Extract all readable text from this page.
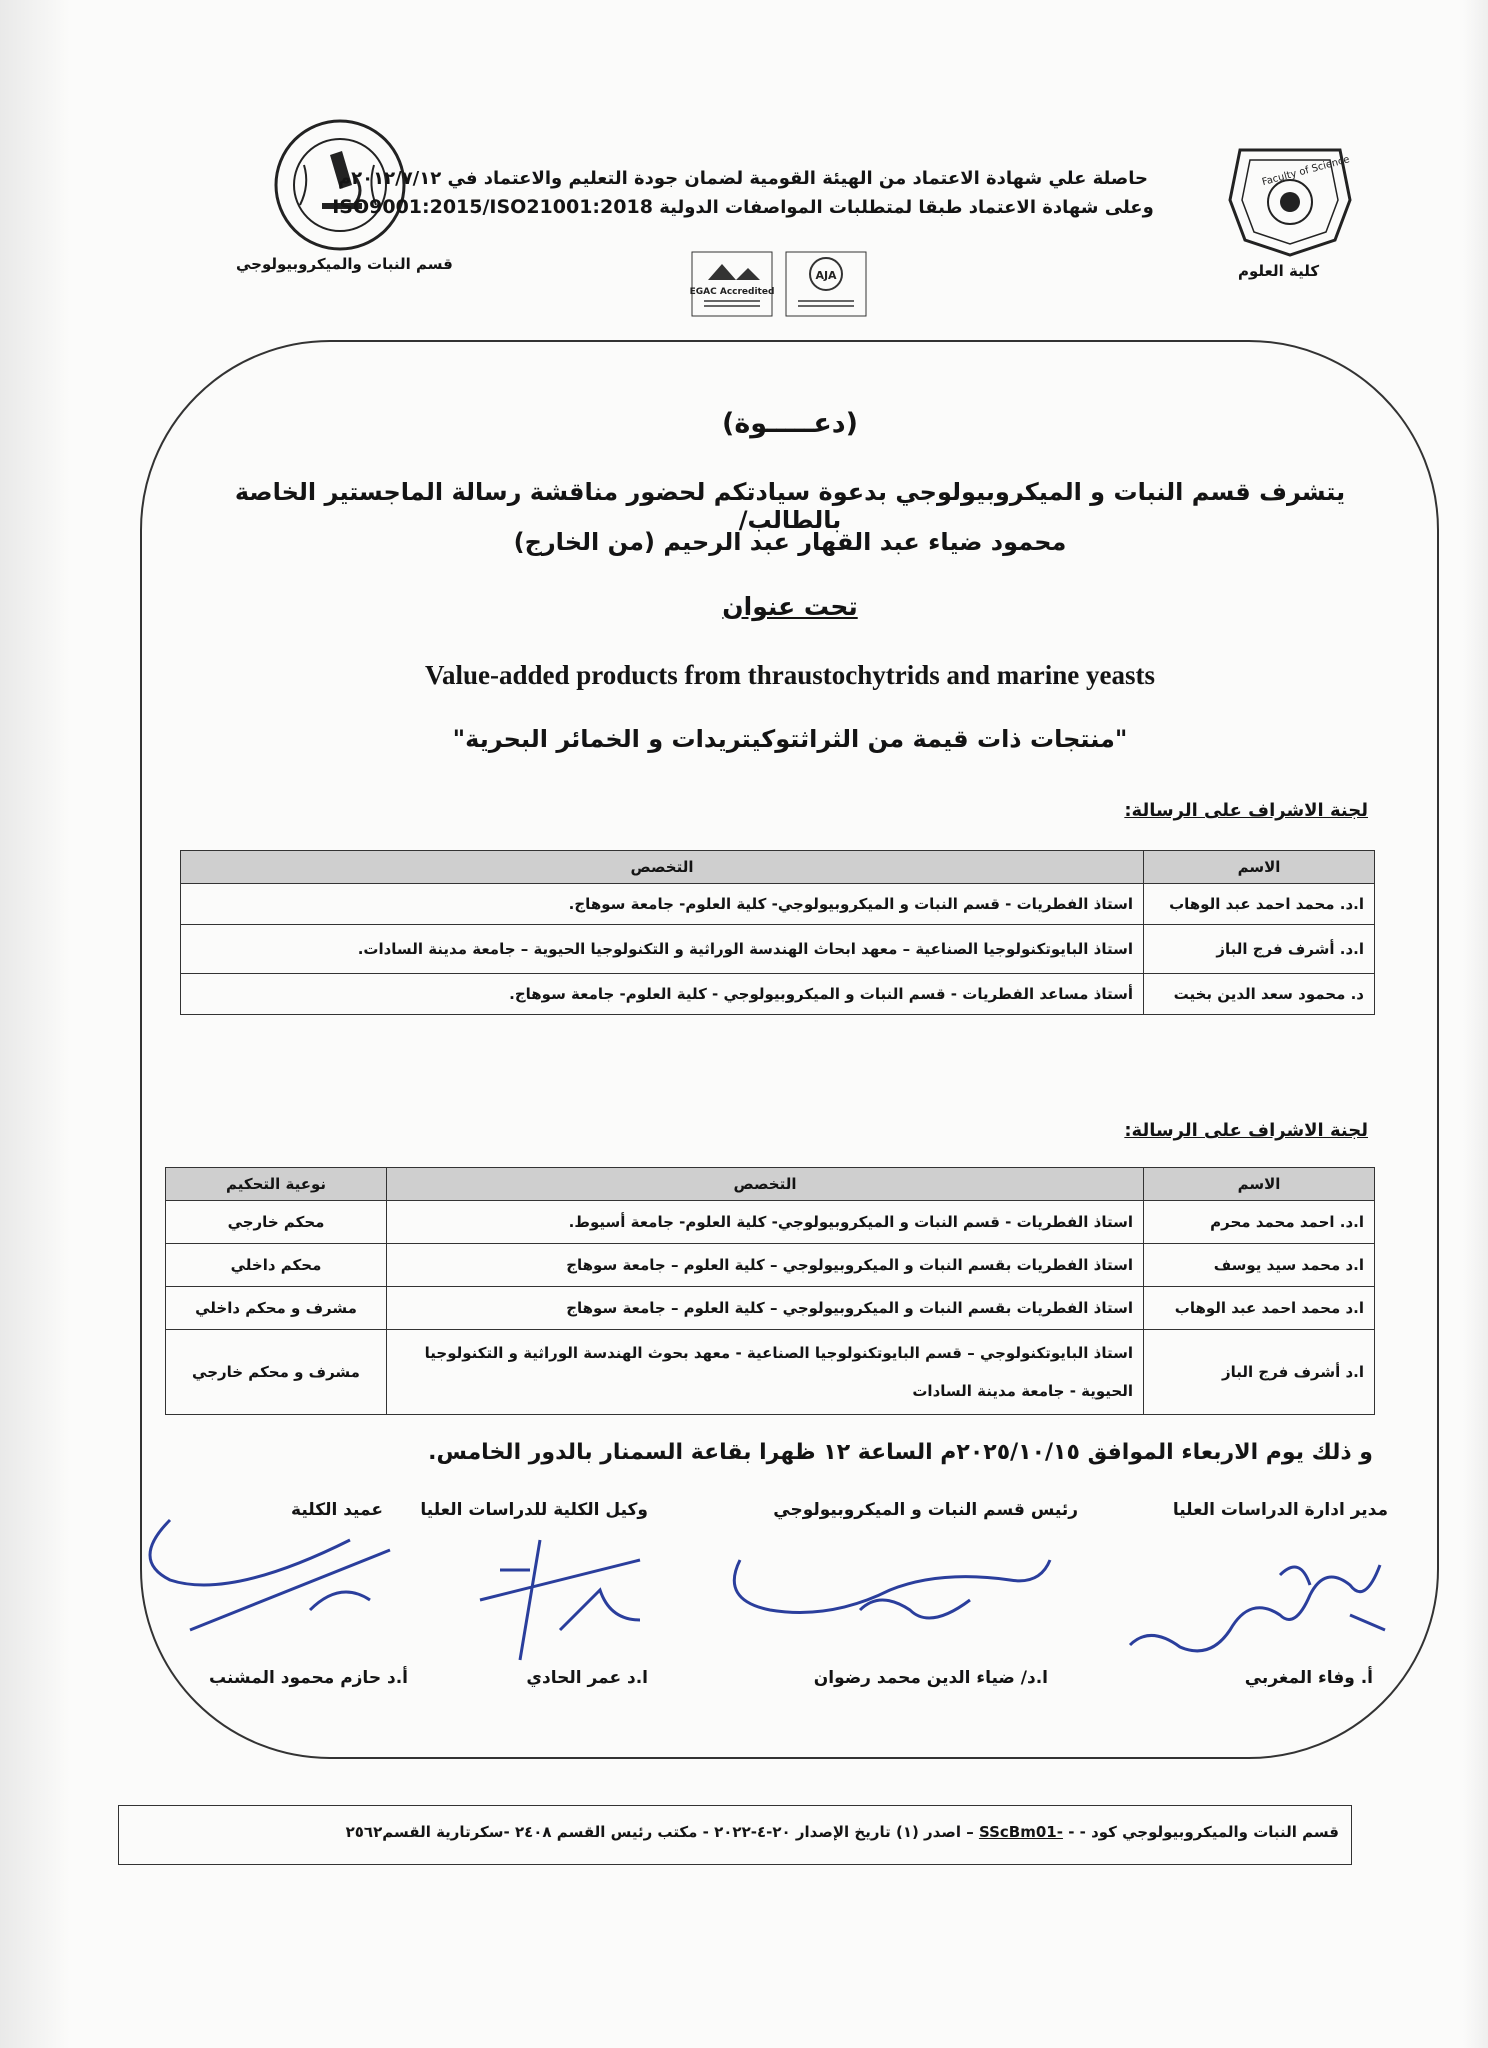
Faculty of Science
كلية العلوم
قسم النبات والميكروبيولوجي
حاصلة علي شهادة الاعتماد من الهيئة القومية لضمان جودة التعليم والاعتماد في ٢٠١٢/٧/١٢م
وعلى شهادة الاعتماد طبقا لمتطلبات المواصفات الدولية ISO9001:2015/ISO21001:2018
EGAC Accredited
AJA
(دعـــــوة)
يتشرف قسم النبات و الميكروبيولوجي بدعوة سيادتكم لحضور مناقشة رسالة الماجستير الخاصة بالطالب/
محمود ضياء عبد القهار عبد الرحيم (من الخارج)
تحت عنوان
Value-added products from thraustochytrids and marine yeasts
"منتجات ذات قيمة من الثراثتوكيتريدات و الخمائر البحرية"
لجنة الاشراف على الرسالة:
الاسم	التخصص
ا.د. محمد احمد عبد الوهاب	استاذ الفطريات - قسم النبات و الميكروبيولوجي- كلية العلوم- جامعة سوهاج.
ا.د. أشرف فرج الباز	استاذ البايوتكنولوجيا الصناعية – معهد ابحاث الهندسة الوراثية و التكنولوجيا الحيوية – جامعة مدينة السادات.
د. محمود سعد الدين بخيت	أستاذ مساعد الفطريات - قسم النبات و الميكروبيولوجي - كلية العلوم- جامعة سوهاج.
لجنة الاشراف على الرسالة:
الاسم	التخصص	نوعية التحكيم
ا.د. احمد محمد محرم	استاذ الفطريات - قسم النبات و الميكروبيولوجي- كلية العلوم- جامعة أسيوط.	محكم خارجي
ا.د محمد سيد يوسف	استاذ الفطريات بقسم النبات و الميكروبيولوجي – كلية العلوم – جامعة سوهاج	محكم داخلي
ا.د محمد احمد عبد الوهاب	استاذ الفطريات بقسم النبات و الميكروبيولوجي – كلية العلوم – جامعة سوهاج	مشرف و محكم داخلي
ا.د أشرف فرج الباز	استاذ البايوتكنولوجي – قسم البايوتكنولوجيا الصناعية - معهد بحوث الهندسة الوراثية و التكنولوجيا الحيوية - جامعة مدينة السادات	مشرف و محكم خارجي
و ذلك يوم الاربعاء الموافق ٢٠٢٥/١٠/١٥م الساعة ١٢ ظهرا بقاعة السمنار بالدور الخامس.
مدير ادارة الدراسات العليا
رئيس قسم النبات و الميكروبيولوجي
وكيل الكلية للدراسات العليا
عميد الكلية
أ. وفاء المغربي
ا.د/ ضياء الدين محمد رضوان
ا.د عمر الحادي
أ.د حازم محمود المشنب
قسم النبات والميكروبيولوجي كود - - SScBm01- – اصدر (١) تاريخ الإصدار ٢٠-٤-٢٠٢٢ - مكتب رئيس القسم ٢٤٠٨ -سكرتارية القسم٢٥٦٢
